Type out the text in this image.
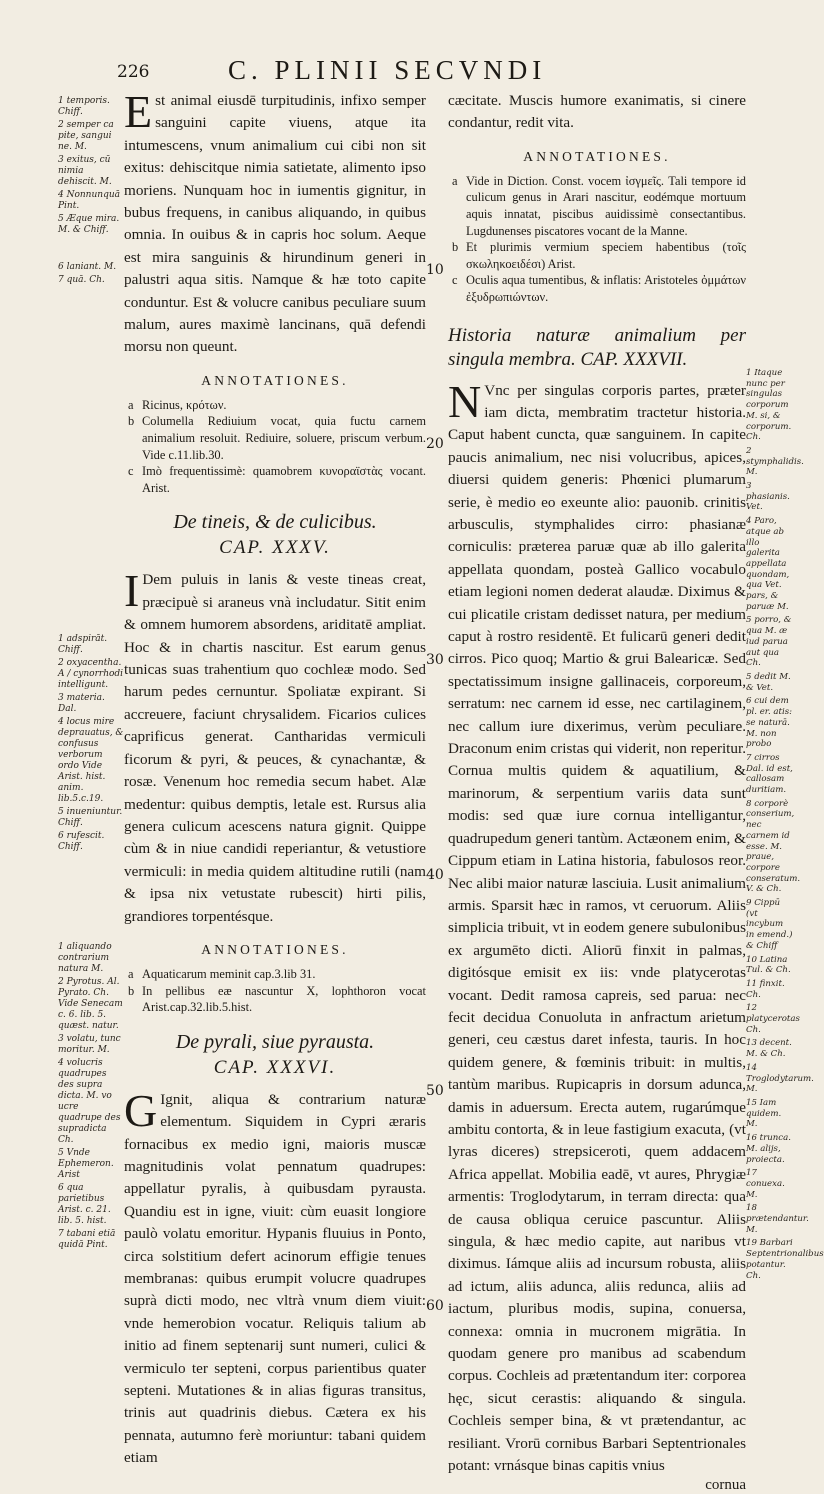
226	C. PLINII SECVNDI

1 temporis. Chiff.

2 semper ca pite, sangui ne. M.

3 exitus, cū nimia dehiscit. M.

4 Nonnunquā Pint.

5 Æque mira. M. & Chiff.

6 laniant. M.

7 quā. Ch.

1 adspirāt. Chiff.

2 oxyacentha. A / cynorrhodi intelligunt.

3 materia. Dal.

4 locus mire deprauatus, & confusus verborum ordo Vide Arist. hist. anim. lib.5.c.19.

5 inueniuntur. Chiff.

6 rufescit. Chiff.

1 aliquando contrarium natura M.

2 Pyrotus. Al. Pyrato. Ch. Vide Senecam c. 6. lib. 5. quæst. natur.

3 volatu, tunc moritur. M.

4 volucris quadrupes des supra dicta. M. vo ucre quadrupe des supradicta Ch.

5 Vnde Ephemeron. Arist

6 qua parietibus Arist. c. 21. lib. 5. hist.

7 tabani etiā quidā Pint.

Est animal eiusdē turpitudinis, infixo semper sanguini capite viuens, atque ita intumescens, vnum animalium cui cibi non sit exitus: dehiscitque nimia satietate, alimento ipso moriens. Nunquam hoc in iumentis gignitur, in bubus frequens, in canibus aliquando, in quibus omnia. In ouibus & in capris hoc solum. Aeque est mira sanguinis & hirundinum generi in palustri aqua sitis. Namque & hæ toto capite conduntur. Est & volucre canibus peculiare suum malum, aures maximè lancinans, quā defendi morsu non queunt.

ANNOTATIONES.
a Ricinus, κρότων.
b Columella Rediuium vocat, quia fuctu carnem animalium resoluit. Rediuire, soluere, priscum verbum. Vide c.11.lib.30.
c Imò frequentissimè: quamobrem κυνοραϊστὰς vocant. Arist.
De tineis, & de culicibus.
CAP. XXXV.

I Dem puluis in lanis & veste tineas creat, præcipuè si araneus vnà includatur. Sitit enim & omnem humorem absordens, ariditatē ampliat. Hoc & in chartis nascitur. Est earum genus tunicas suas trahentium quo cochleæ modo. Sed harum pedes cernuntur. Spoliatæ expirant. Si accreuere, faciunt chrysalidem. Ficarios culices caprificus generat. Cantharidas vermiculi ficorum & pyri, & peuces, & cynachantæ, & rosæ. Venenum hoc remedia secum habet. Alæ medentur: quibus demptis, letale est. Rursus alia genera culicum acescens natura gignit. Quippe cùm & in niue candidi reperiantur, & vetustiore vermiculi: in media quidem altitudine rutili (nam & ipsa nix vetustate rubescit) hirti pilis, grandiores torpentésque.

ANNOTATIONES.
a Aquaticarum meminit cap.3.lib 31.
b In pellibus eæ nascuntur X, lophthoron vocat Arist.cap.32.lib.5.hist.
De pyrali, siue pyrausta.
CAP. XXXVI.

G Ignit, aliqua & contrarium naturæ elementum. Siquidem in Cypri æraris fornacibus ex medio igni, maioris muscæ magnitudinis volat pennatum quadrupes: appellatur pyralis, à quibusdam pyrausta. Quandiu est in igne, viuit: cùm euasit longiore paulò volatu emoritur. Hypanis fluuius in Ponto, circa solstitium defert acinorum effigie tenues membranas: quibus erumpit volucre quadrupes suprà dicti modo, nec vltrà vnum diem viuit: vnde hemerobion vocatur. Reliquis talium ab initio ad finem septenarij sunt numeri, culici & vermiculo ter septeni, corpus parientibus quater septeni. Mutationes & in alias figuras transitus, trinis aut quadrinis diebus. Cætera ex his pennata, autumno ferè moriuntur: tabani quidem etiam

10
20
30
40
50
60

cæcitate. Muscis humore exanimatis, si cinere condantur, redit vita.

ANNOTATIONES.
a Vide in Diction. Const. vocem ἰσγμεῖς. Tali tempore id culicum genus in Arari nascitur, eodémque mortuum aquis innatat, piscibus auidissimè consectantibus. Lugdunenses piscatores vocant de la Manne.
b Et plurimis vermium speciem habentibus (τοῖς σκωληκοειδέσι) Arist.
c Oculis aqua tumentibus, & inflatis: Aristoteles ὀμμάτων ἐξυδρωπιώντων.
Historia naturæ animalium per singula membra. CAP. XXXVII.

N Vnc per singulas corporis partes, præter iam dicta, membratim tractetur historia. Caput habent cuncta, quæ sanguinem. In capite paucis animalium, nec nisi volucribus, apices, diuersi quidem generis: Phœnici plumarum serie, è medio eo exeunte alio: pauonib. crinitis arbusculis, stymphalides cirro: phasianæ corniculis: præterea paruæ quæ ab illo galerita appellata quondam, posteà Gallico vocabulo etiam legioni nomen dederat alaudæ. Diximus & cui plicatile cristam dedisset natura, per medium caput à rostro residentē. Et fulicarū generi dedit cirros. Pico quoq; Martio & grui Balearicæ. Sed spectatissimum insigne gallinaceis, corporeum, serratum: nec carnem id esse, nec cartilaginem, nec callum iure dixerimus, verùm peculiare. Draconum enim cristas qui viderit, non reperitur. Cornua multis quidem & aquatilium, & marinorum, & serpentium variis data sunt modis: sed quæ iure cornua intelligantur, quadrupedum generi tantùm. Actæonem enim, & Cippum etiam in Latina historia, fabulosos reor. Nec alibi maior naturæ lasciuia. Lusit animalium armis. Sparsit hæc in ramos, vt ceruorum. Aliis simplicia tribuit, vt in eodem genere subulonibus ex argumēto dicti. Aliorū finxit in palmas, digitósque emisit ex iis: vnde platycerotas vocant. Dedit ramosa capreis, sed parua: nec fecit decidua Conuoluta in anfractum arietum generi, ceu cæstus daret infesta, tauris. In hoc quidem genere, & fœminis tribuit: in multis, tantùm maribus. Rupicapris in dorsum adunca, damis in aduersum. Erecta autem, rugarúmque ambitu contorta, & in leue fastigium exacuta, (vt lyras diceres) strepsiceroti, quem addacem Africa appellat. Mobilia eadē, vt aures, Phrygiæ armentis: Troglodytarum, in terram directa: qua de causa obliqua ceruice pascuntur. Aliis singula, & hæc medio capite, aut naribus vt diximus. Iámque aliis ad incursum robusta, aliis ad ictum, aliis adunca, aliis redunca, aliis ad iactum, pluribus modis, supina, conuersa, connexa: omnia in mucronem migrātia. In quodam genere pro manibus ad scabendum corpus. Cochleis ad prætentandum iter: corporea hęc, sicut cerastis: aliquando & singula. Cochleis semper bina, & vt prætendantur, ac resiliant. Vrorū cornibus Barbari Septentrionales potant: vrnásque binas capitis vnius

cornua

1 Itaque nunc per singulas corporum M. si, & corporum. Ch.

2 stymphalidis. M.

3 phasianis. Vet.

4 Paro, atque ab illo galerita appellata quondam, qua Vet. pars, & paruæ M.

5 porro, & qua M. æ iud parua aut qua Ch.

5 dedit M. & Vet.

6 cui dem pl. er. atis: se naturā. M. non probo

7 cirros Dal. id est, callosam duritiam.

8 corporè conserium, nec carnem id esse. M. praue, corpore conseratum. V. & Ch.

9 Cippū (vt incybum in emend.) & Chiff

10 Latina Tul. & Ch.

11 finxit. Ch.

12 platycerotas Ch.

13 decent. M. & Ch.

14 Troglodytarum. M.

15 Iam quidem. M.

16 trunca. M. alijs, proiecta.

17 conuexa. M.

18 prætendantur. M.

19 Barbari Septentrionalibus potantur. Ch.
